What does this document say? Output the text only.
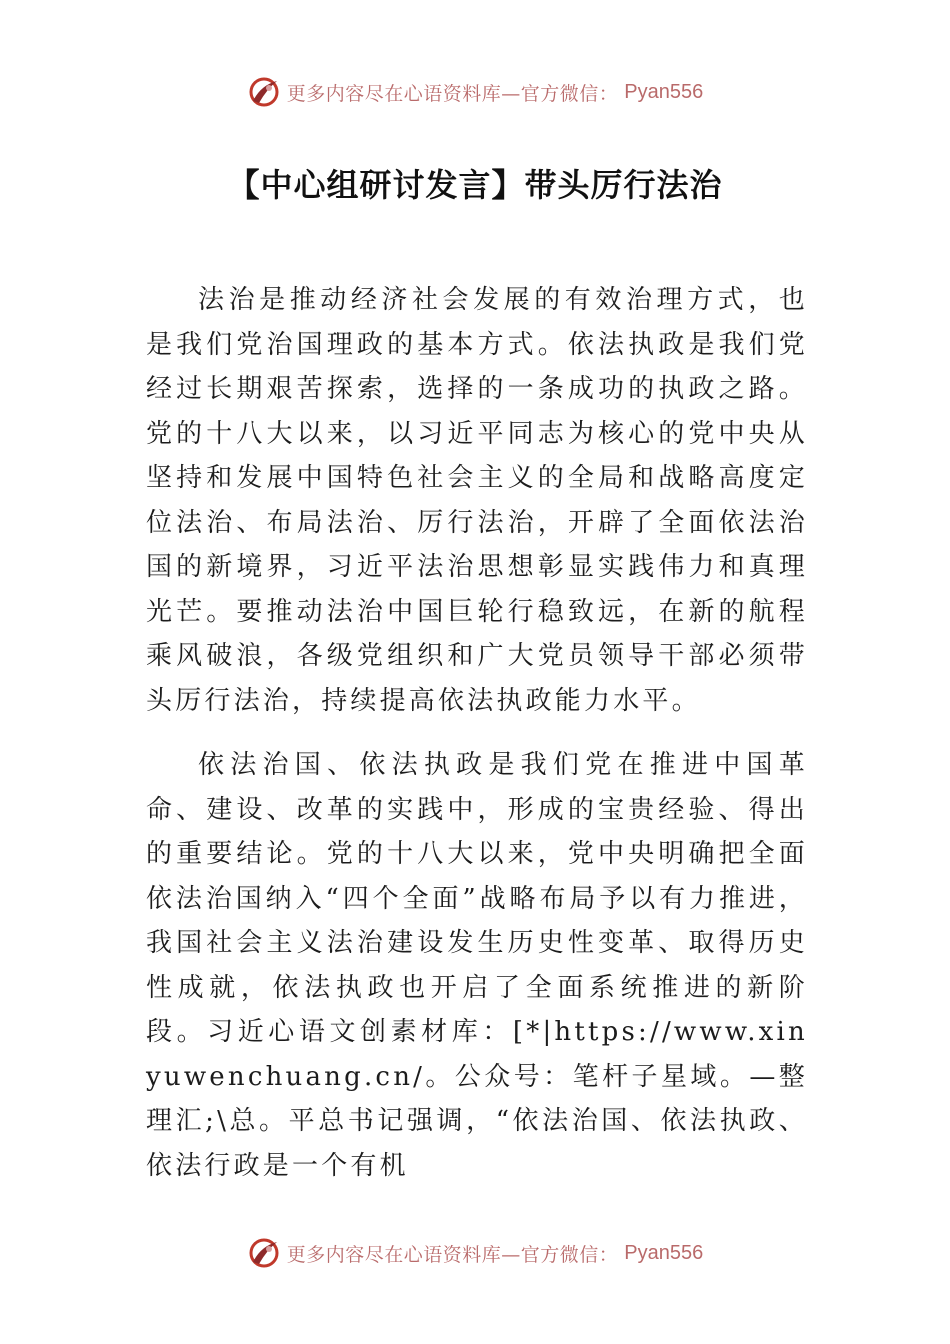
更多内容尽在心语资料库—官方微信： Pyan556
【中心组研讨发言】带头厉行法治

法治是推动经济社会发展的有效治理方式，也是我们党治国理政的基本方式。依法执政是我们党经过长期艰苦探索，选择的一条成功的执政之路。党的十八大以来，以习近平同志为核心的党中央从坚持和发展中国特色社会主义的全局和战略高度定位法治、布局法治、厉行法治，开辟了全面依法治国的新境界，习近平法治思想彰显实践伟力和真理光芒。要推动法治中国巨轮行稳致远，在新的航程乘风破浪，各级党组织和广大党员领导干部必须带头厉行法治，持续提高依法执政能力水平。

依法治国、依法执政是我们党在推进中国革命、建设、改革的实践中，形成的宝贵经验、得出的重要结论。党的十八大以来，党中央明确把全面依法治国纳入“四个全面”战略布局予以有力推进，我国社会主义法治建设发生历史性变革、取得历史性成就，依法执政也开启了全面系统推进的新阶段。习近心语文创素材库：[*|https://www.xinyuwenchuang.cn/。公众号：笔杆子星域。—整理汇;\总。平总书记强调，“依法治国、依法执政、依法行政是一个有机

更多内容尽在心语资料库—官方微信： Pyan556
